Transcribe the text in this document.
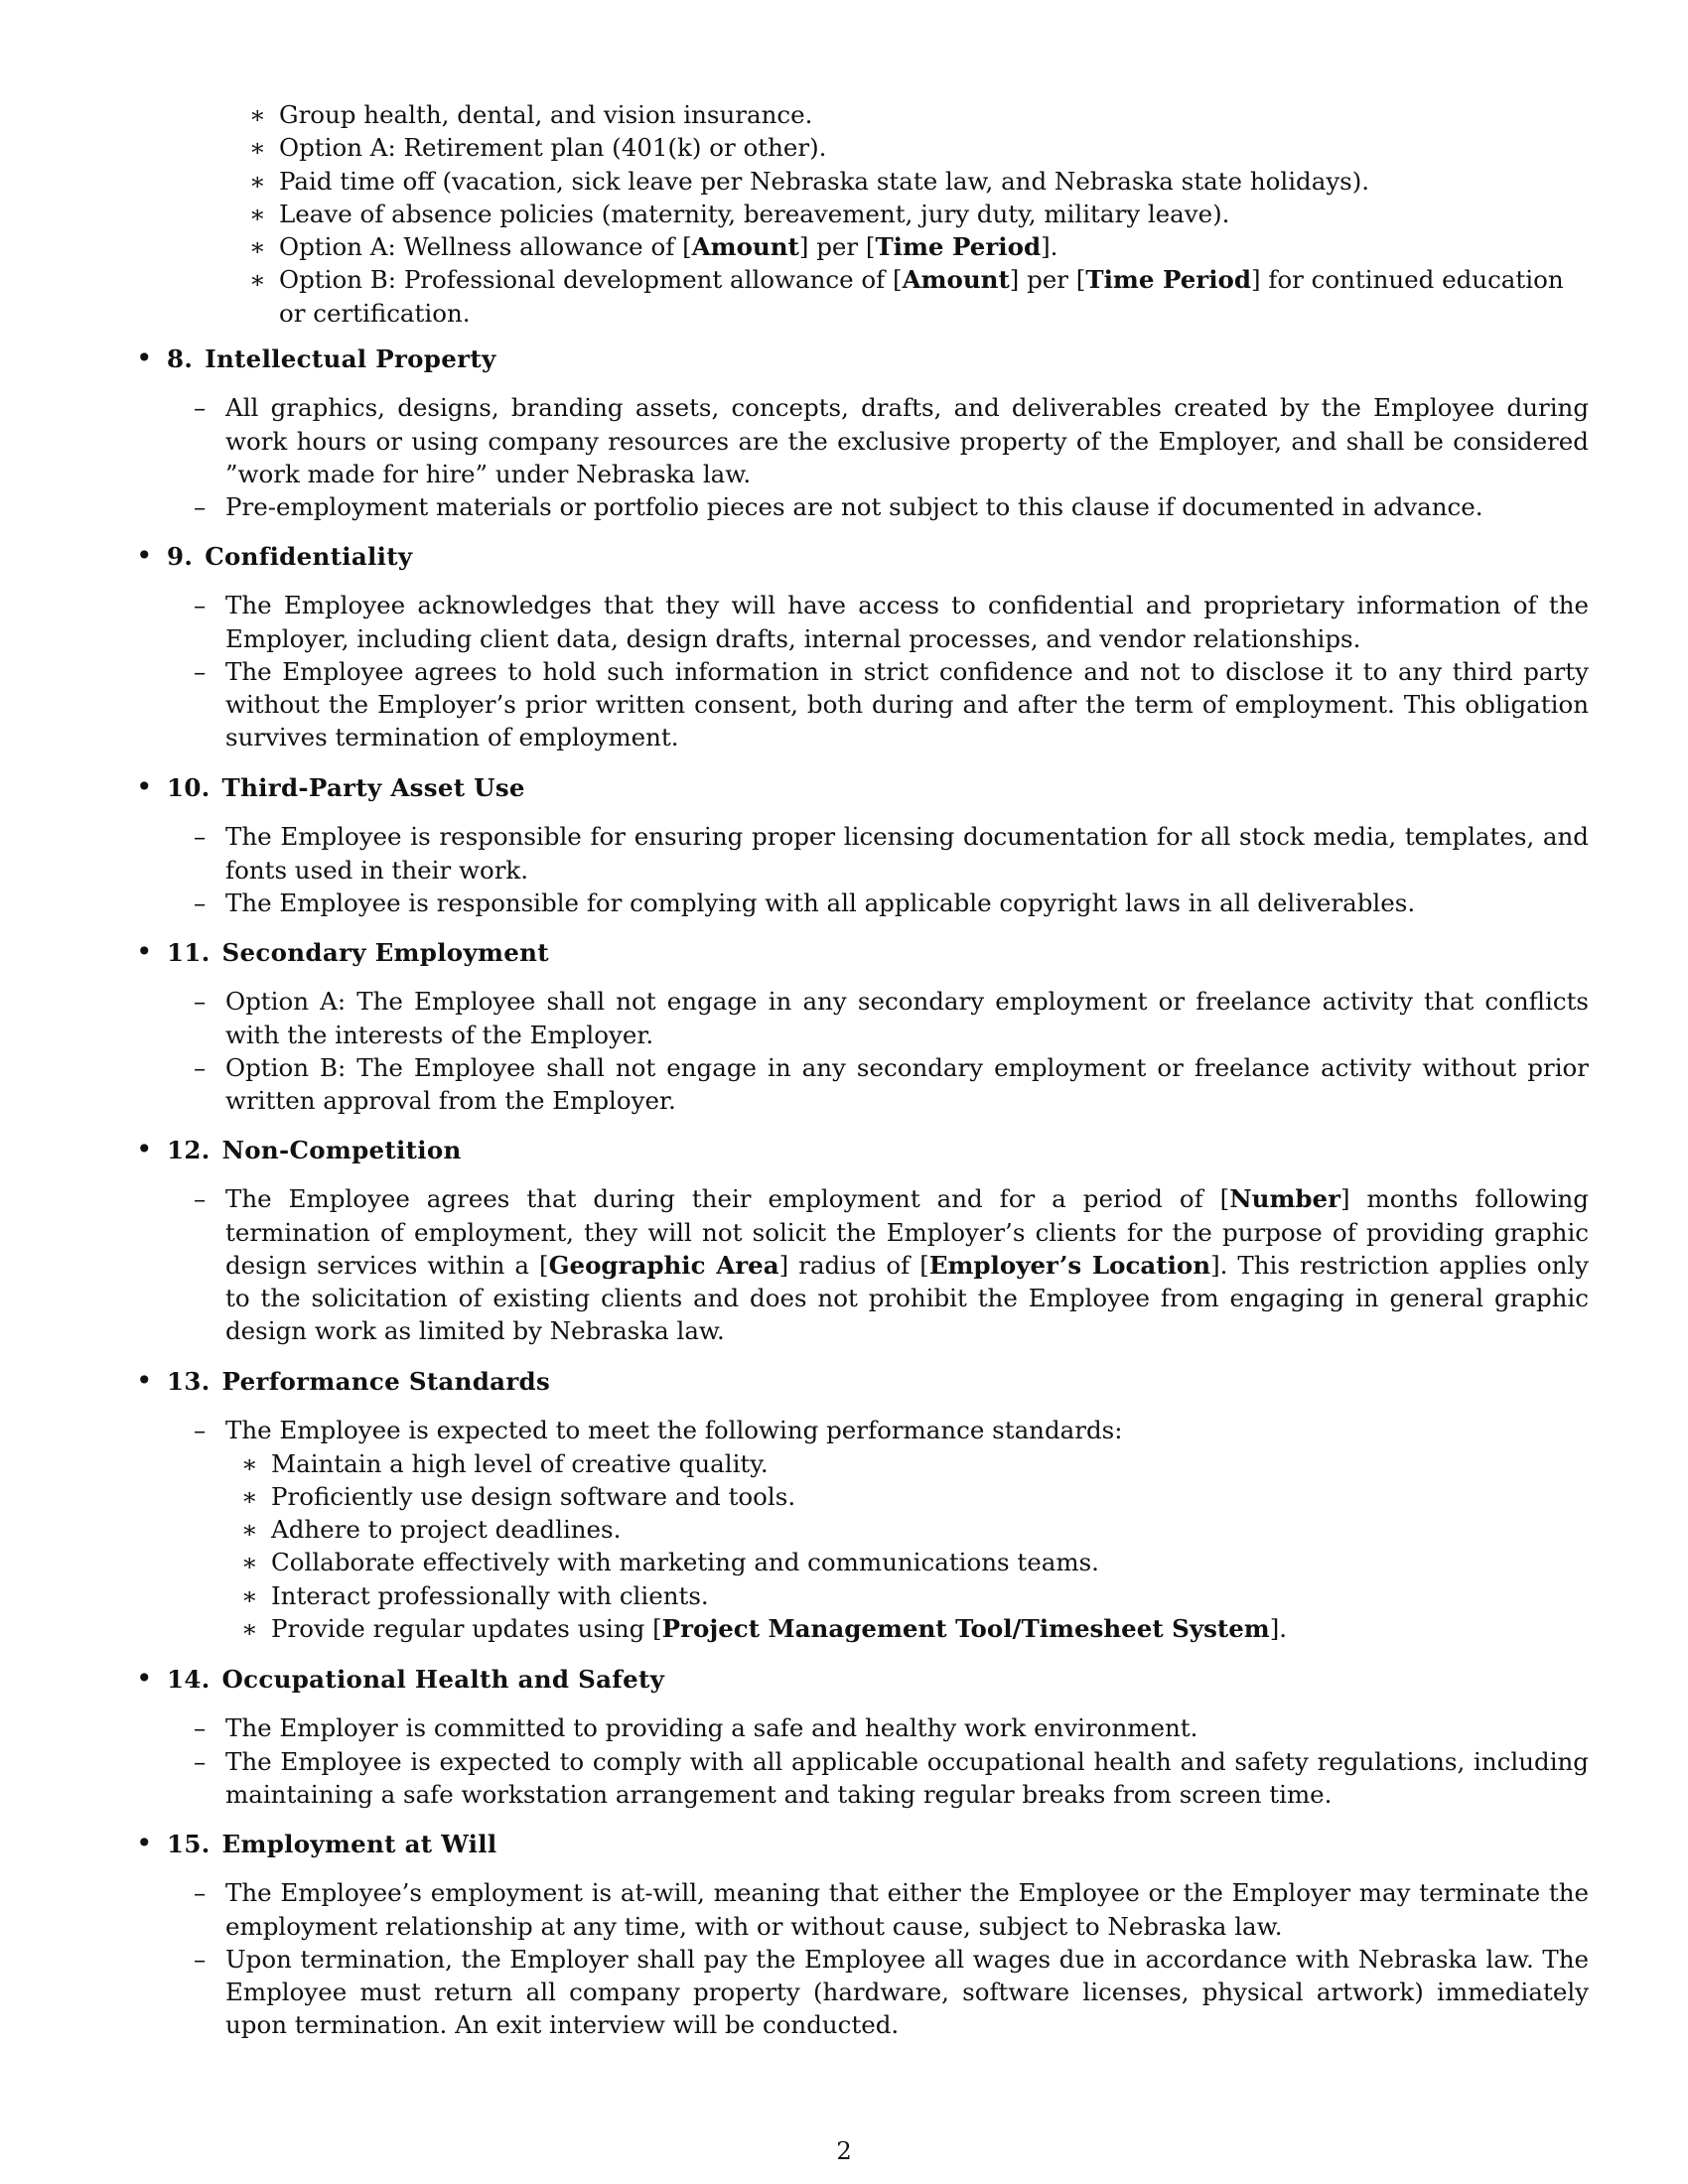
∗ Group health, dental, and vision insurance.
∗ Option A: Retirement plan (401(k) or other).
∗ Paid time off (vacation, sick leave per Nebraska state law, and Nebraska state holidays).
∗ Leave of absence policies (maternity, bereavement, jury duty, military leave).
∗ Option A: Wellness allowance of [Amount] per [Time Period].
∗ Option B: Professional development allowance of [Amount] per [Time Period] for continued education or certification.
• 8. Intellectual Property
– All graphics, designs, branding assets, concepts, drafts, and deliverables created by the Employee during work hours or using company resources are the exclusive property of the Employer, and shall be considered ”work made for hire” under Nebraska law.
– Pre-employment materials or portfolio pieces are not subject to this clause if documented in advance.
• 9. Confidentiality
– The Employee acknowledges that they will have access to confidential and proprietary information of the Employer, including client data, design drafts, internal processes, and vendor relationships.
– The Employee agrees to hold such information in strict confidence and not to disclose it to any third party without the Employer’s prior written consent, both during and after the term of employment. This obligation survives termination of employment.
• 10. Third-Party Asset Use
– The Employee is responsible for ensuring proper licensing documentation for all stock media, templates, and fonts used in their work.
– The Employee is responsible for complying with all applicable copyright laws in all deliverables.
• 11. Secondary Employment
– Option A: The Employee shall not engage in any secondary employment or freelance activity that conflicts with the interests of the Employer.
– Option B: The Employee shall not engage in any secondary employment or freelance activity without prior written approval from the Employer.
• 12. Non-Competition
– The Employee agrees that during their employment and for a period of [Number] months following termination of employment, they will not solicit the Employer’s clients for the purpose of providing graphic design services within a [Geographic Area] radius of [Employer’s Location]. This restriction applies only to the solicitation of existing clients and does not prohibit the Employee from engaging in general graphic design work as limited by Nebraska law.
• 13. Performance Standards
– The Employee is expected to meet the following performance standards:
∗ Maintain a high level of creative quality.
∗ Proficiently use design software and tools.
∗ Adhere to project deadlines.
∗ Collaborate effectively with marketing and communications teams.
∗ Interact professionally with clients.
∗ Provide regular updates using [Project Management Tool/Timesheet System].
• 14. Occupational Health and Safety
– The Employer is committed to providing a safe and healthy work environment.
– The Employee is expected to comply with all applicable occupational health and safety regulations, including maintaining a safe workstation arrangement and taking regular breaks from screen time.
• 15. Employment at Will
– The Employee’s employment is at-will, meaning that either the Employee or the Employer may terminate the employment relationship at any time, with or without cause, subject to Nebraska law.
– Upon termination, the Employer shall pay the Employee all wages due in accordance with Nebraska law. The Employee must return all company property (hardware, software licenses, physical artwork) immediately upon termination. An exit interview will be conducted.
2
